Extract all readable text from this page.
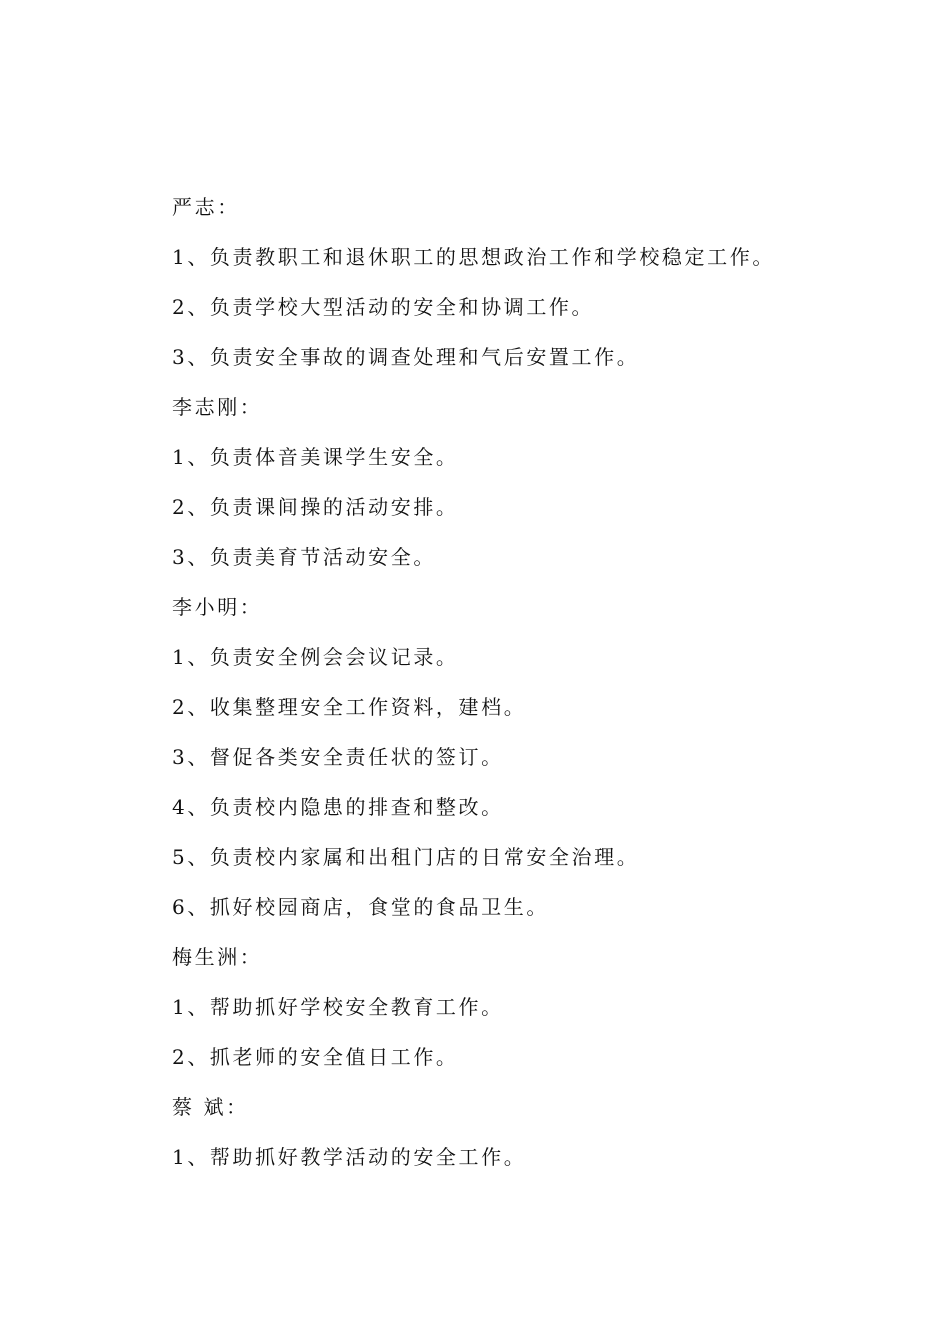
严志：
1、负责教职工和退休职工的思想政治工作和学校稳定工作。
2、负责学校大型活动的安全和协调工作。
3、负责安全事故的调查处理和气后安置工作。
李志刚：
1、负责体音美课学生安全。
2、负责课间操的活动安排。
3、负责美育节活动安全。
李小明：
1、负责安全例会会议记录。
2、收集整理安全工作资料，建档。
3、督促各类安全责任状的签订。
4、负责校内隐患的排查和整改。
5、负责校内家属和出租门店的日常安全治理。
6、抓好校园商店，食堂的食品卫生。
梅生洲：
1、帮助抓好学校安全教育工作。
2、抓老师的安全值日工作。
蔡 斌：
1、帮助抓好教学活动的安全工作。
